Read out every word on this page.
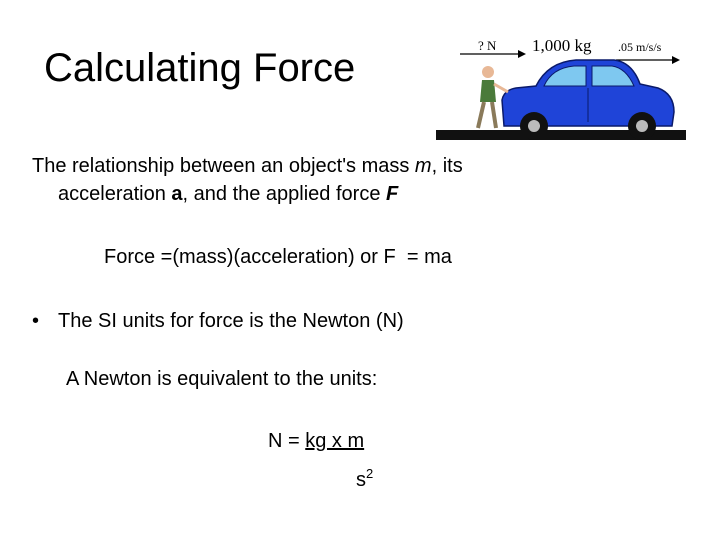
Calculating Force
The relationship between an object's mass m, its
acceleration a, and the applied force F
Force =(mass)(acceleration) or F  = ma
• The SI units for force is the Newton (N)
A Newton is equivalent to the units:
N = kg x m
$s^2$
? N 1,000 kg .05 m/s/s
